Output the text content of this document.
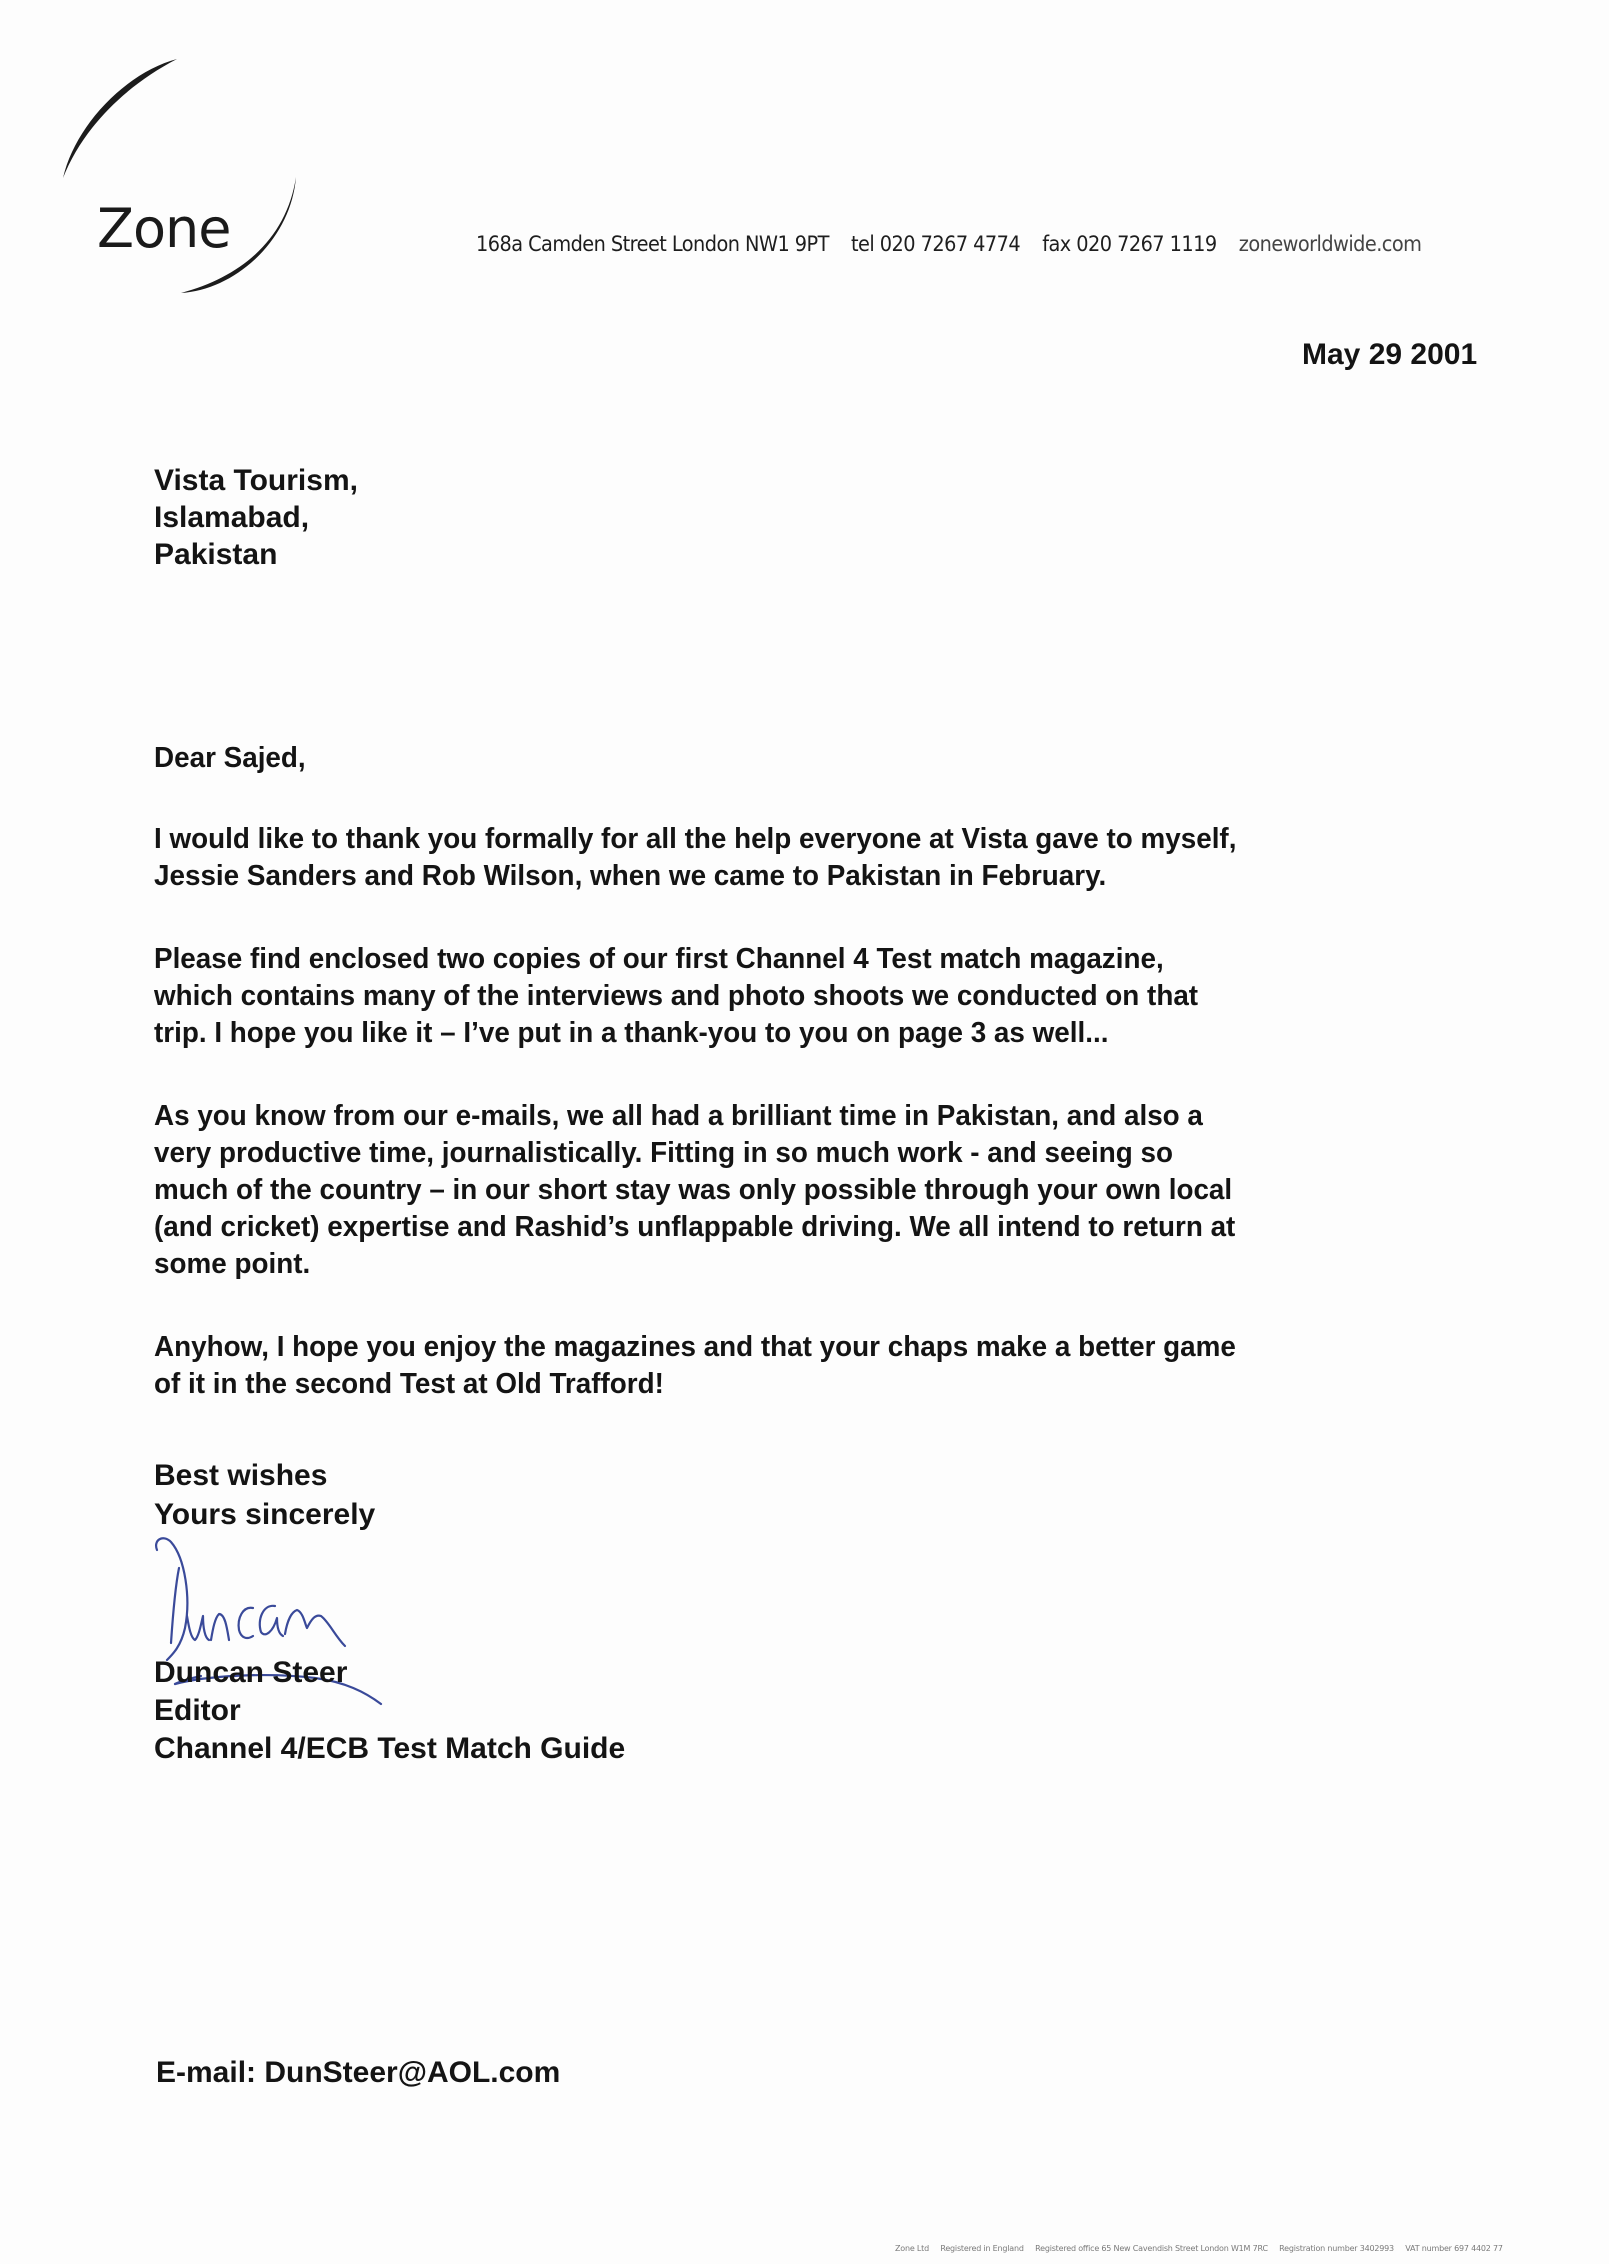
Zone	168a Camden Street London NW1 9PT tel 020 7267 4774 fax 020 7267 1119 zoneworldwide.com
May 29 2001
Vista Tourism,
Islamabad,
Pakistan

Dear Sajed,

I would like to thank you formally for all the help everyone at Vista gave to myself,
Jessie Sanders and Rob Wilson, when we came to Pakistan in February.

Please find enclosed two copies of our first Channel 4 Test match magazine,
which contains many of the interviews and photo shoots we conducted on that
trip. I hope you like it – I’ve put in a thank-you to you on page 3 as well...

As you know from our e-mails, we all had a brilliant time in Pakistan, and also a
very productive time, journalistically. Fitting in so much work - and seeing so
much of the country – in our short stay was only possible through your own local
(and cricket) expertise and Rashid’s unflappable driving. We all intend to return at
some point.

Anyhow, I hope you enjoy the magazines and that your chaps make a better game
of it in the second Test at Old Trafford!

Best wishes
Yours sincerely
Duncan Steer
Editor
Channel 4/ECB Test Match Guide
E-mail: DunSteer@AOL.com
Zone Ltd Registered in England Registered office 65 New Cavendish Street London W1M 7RC Registration number 3402993 VAT number 697 4402 77
